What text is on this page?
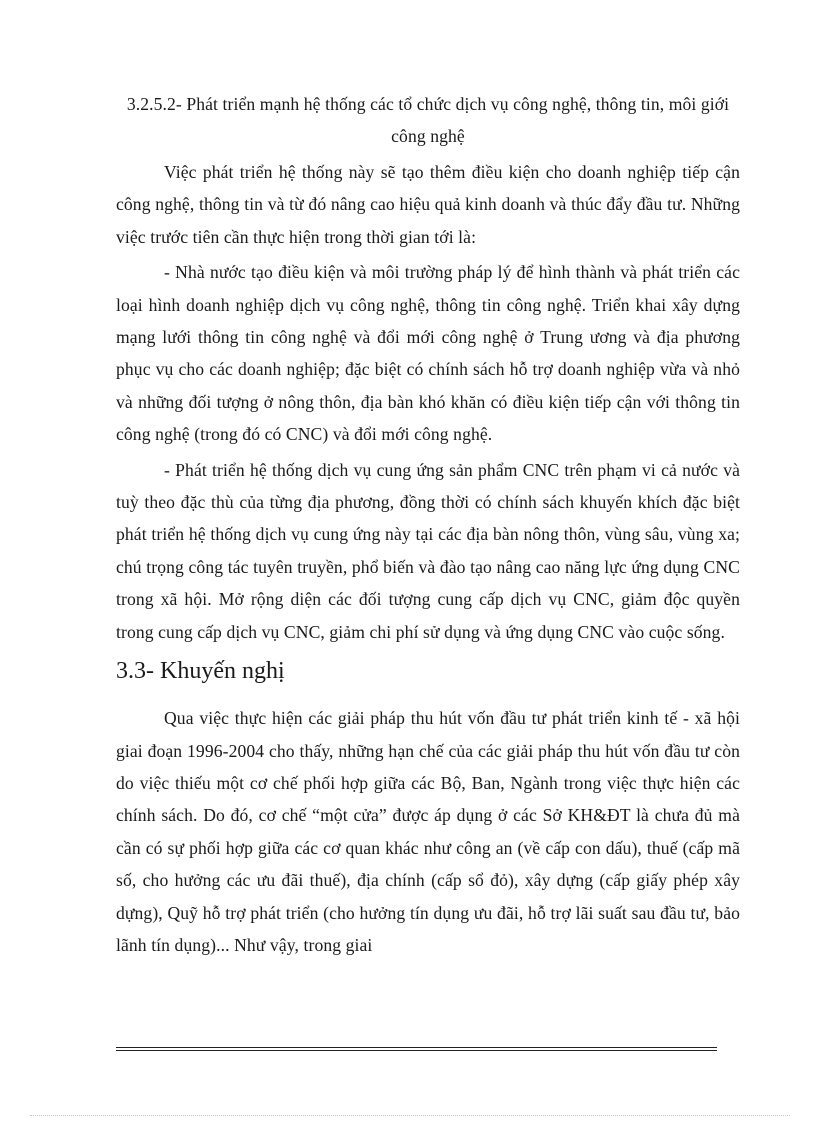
3.2.5.2- Phát triển mạnh hệ thống các tổ chức dịch vụ công nghệ, thông tin, môi giới công nghệ

Việc phát triển hệ thống này sẽ tạo thêm điều kiện cho doanh nghiệp tiếp cận công nghệ, thông tin và từ đó nâng cao hiệu quả kinh doanh và thúc đẩy đầu tư. Những việc trước tiên cần thực hiện trong thời gian tới là:

- Nhà nước tạo điều kiện và môi trường pháp lý để hình thành và phát triển các loại hình doanh nghiệp dịch vụ công nghệ, thông tin công nghệ. Triển khai xây dựng mạng lưới thông tin công nghệ và đổi mới công nghệ ở Trung ương và địa phương phục vụ cho các doanh nghiệp; đặc biệt có chính sách hỗ trợ doanh nghiệp vừa và nhỏ và những đối tượng ở nông thôn, địa bàn khó khăn có điều kiện tiếp cận với thông tin công nghệ (trong đó có CNC) và đổi mới công nghệ.

- Phát triển hệ thống dịch vụ cung ứng sản phẩm CNC trên phạm vi cả nước và tuỳ theo đặc thù của từng địa phương, đồng thời có chính sách khuyến khích đặc biệt phát triển hệ thống dịch vụ cung ứng này tại các địa bàn nông thôn, vùng sâu, vùng xa; chú trọng công tác tuyên truyền, phổ biến và đào tạo nâng cao năng lực ứng dụng CNC trong xã hội. Mở rộng diện các đối tượng cung cấp dịch vụ CNC, giảm độc quyền trong cung cấp dịch vụ CNC, giảm chi phí sử dụng và ứng dụng CNC vào cuộc sống.

3.3- Khuyến nghị

Qua việc thực hiện các giải pháp thu hút vốn đầu tư phát triển kinh tế - xã hội giai đoạn 1996-2004 cho thấy, những hạn chế của các giải pháp thu hút vốn đầu tư còn do việc thiếu một cơ chế phối hợp giữa các Bộ, Ban, Ngành trong việc thực hiện các chính sách. Do đó, cơ chế “một cửa” được áp dụng ở các Sở KH&ĐT là chưa đủ mà cần có sự phối hợp giữa các cơ quan khác như công an (về cấp con dấu), thuế (cấp mã số, cho hưởng các ưu đãi thuế), địa chính (cấp sổ đỏ), xây dựng (cấp giấy phép xây dựng), Quỹ hỗ trợ phát triển (cho hưởng tín dụng ưu đãi, hỗ trợ lãi suất sau đầu tư, bảo lãnh tín dụng)... Như vậy, trong giai
